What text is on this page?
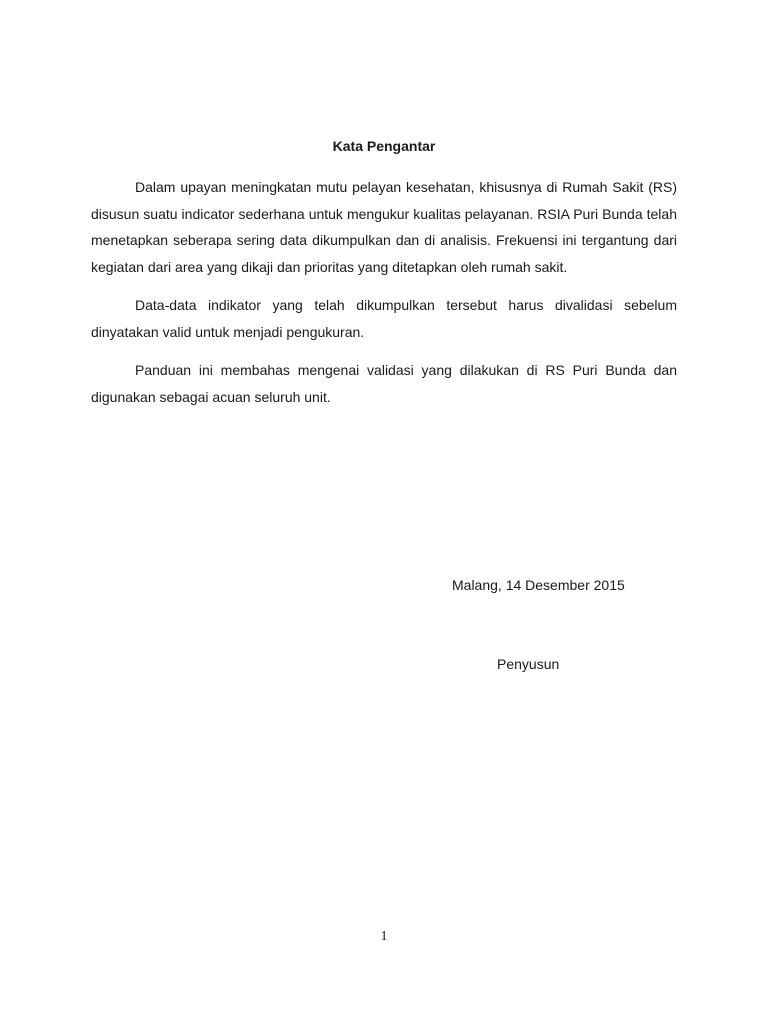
Kata Pengantar

Dalam upayan meningkatan mutu pelayan kesehatan, khisusnya di Rumah Sakit (RS) disusun suatu indicator sederhana untuk mengukur kualitas pelayanan. RSIA Puri Bunda telah menetapkan seberapa sering data dikumpulkan dan di analisis. Frekuensi ini tergantung dari kegiatan dari area yang dikaji dan prioritas yang ditetapkan oleh rumah sakit.

Data-data indikator yang telah dikumpulkan tersebut harus divalidasi sebelum dinyatakan valid untuk menjadi pengukuran.

Panduan ini membahas mengenai validasi yang dilakukan di RS Puri Bunda dan digunakan sebagai acuan seluruh unit.

Malang, 14 Desember 2015
Penyusun
1
